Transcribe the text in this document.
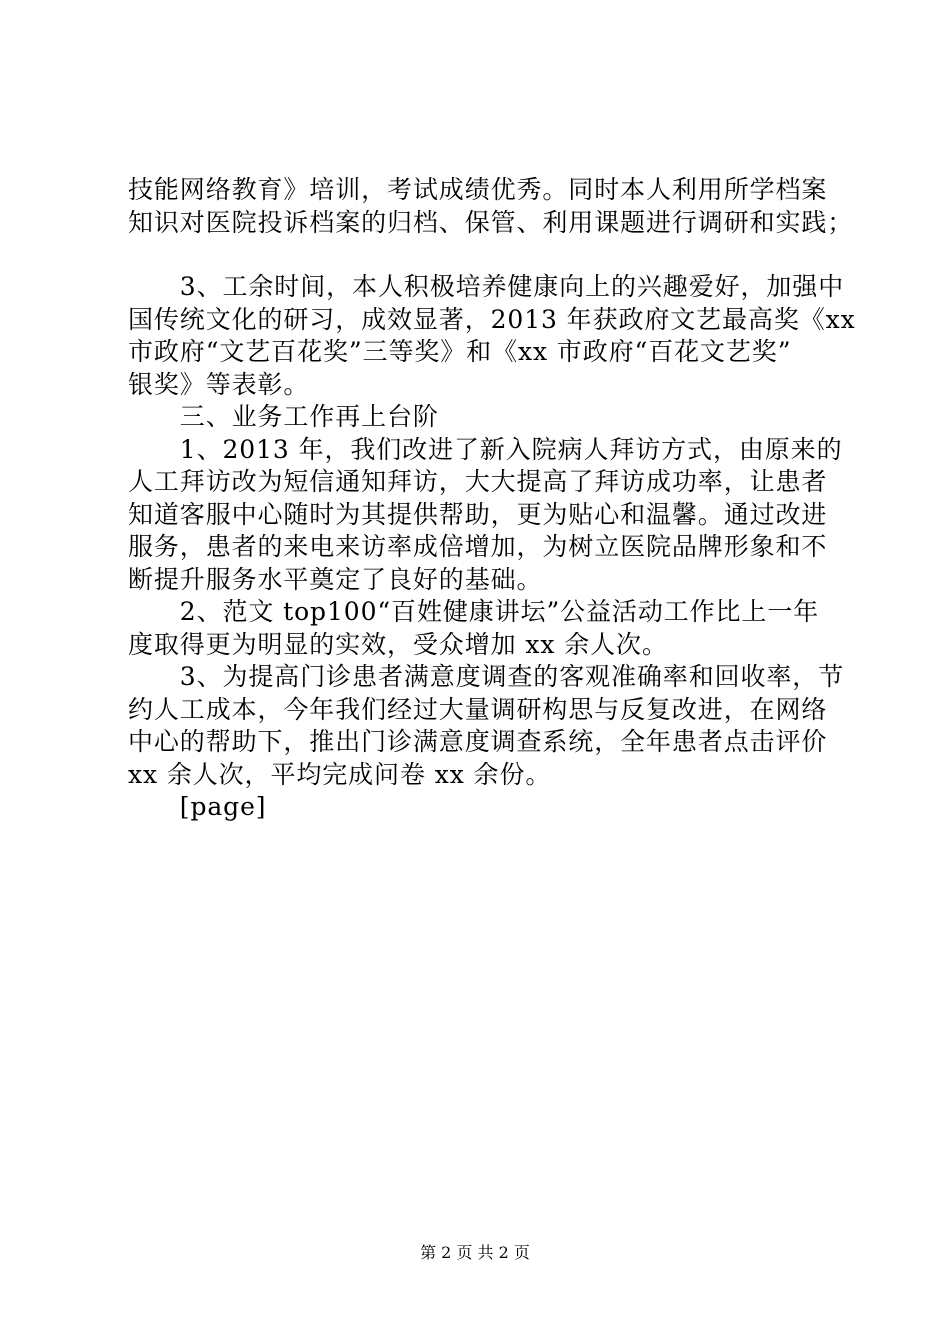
技能网络教育》培训，考试成绩优秀。同时本人利用所学档案
知识对医院投诉档案的归档、保管、利用课题进行调研和实践；
　　3、工余时间，本人积极培养健康向上的兴趣爱好，加强中
国传统文化的研习，成效显著，2013 年获政府文艺最高奖《xx
市政府“文艺百花奖”三等奖》和《xx 市政府“百花文艺奖”
银奖》等表彰。
　　三、业务工作再上台阶
　　1、2013 年，我们改进了新入院病人拜访方式，由原来的
人工拜访改为短信通知拜访，大大提高了拜访成功率，让患者
知道客服中心随时为其提供帮助，更为贴心和温馨。通过改进
服务，患者的来电来访率成倍增加，为树立医院品牌形象和不
断提升服务水平奠定了良好的基础。
　　2、范文 top100“百姓健康讲坛”公益活动工作比上一年
度取得更为明显的实效，受众增加 xx 余人次。
　　3、为提高门诊患者满意度调查的客观准确率和回收率，节
约人工成本，今年我们经过大量调研构思与反复改进，在网络
中心的帮助下，推出门诊满意度调查系统，全年患者点击评价
xx 余人次，平均完成问卷 xx 余份。
　　[page]
第 2 页 共 2 页
